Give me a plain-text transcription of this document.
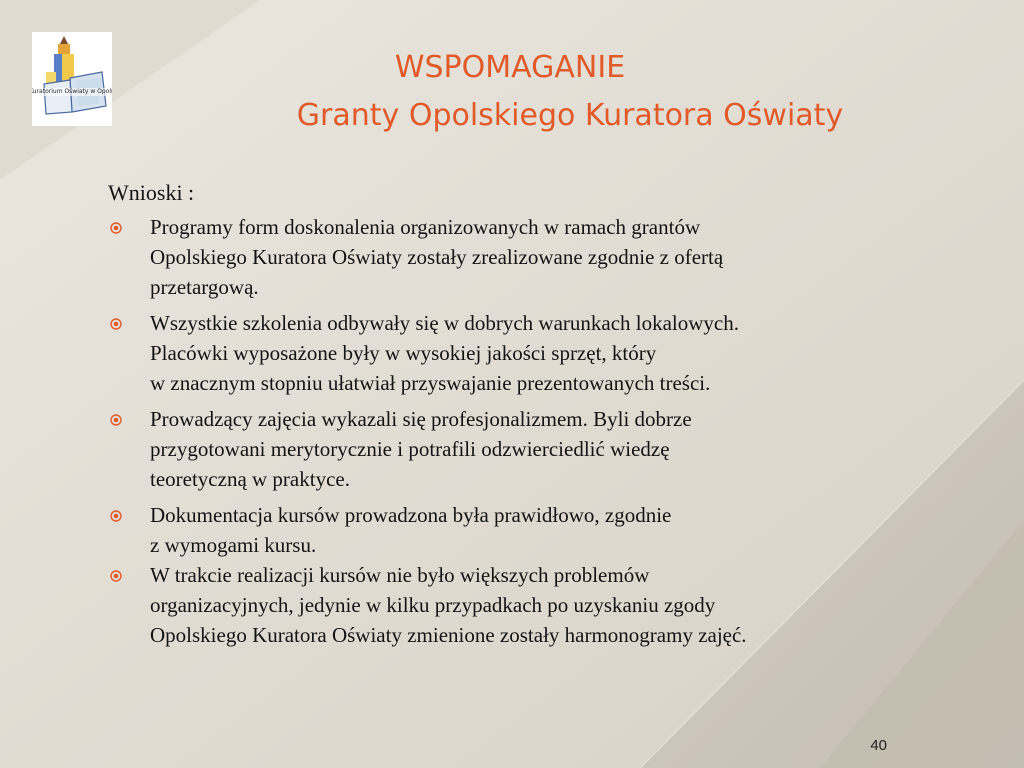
Kuratorium Oświaty w Opolu
WSPOMAGANIE
Granty Opolskiego Kuratora Oświaty
Wnioski :
Programy form doskonalenia organizowanych w ramach grantów
Opolskiego Kuratora Oświaty zostały zrealizowane zgodnie z ofertą
przetargową.
Wszystkie szkolenia odbywały się w dobrych warunkach lokalowych.
Placówki wyposażone były w wysokiej jakości sprzęt, który
w znacznym stopniu ułatwiał przyswajanie prezentowanych treści.
Prowadzący zajęcia wykazali się profesjonalizmem. Byli dobrze
przygotowani merytorycznie i potrafili odzwierciedlić wiedzę
teoretyczną w praktyce.
Dokumentacja kursów prowadzona była prawidłowo, zgodnie
z wymogami kursu.
W trakcie realizacji kursów nie było większych problemów
organizacyjnych, jedynie w kilku przypadkach po uzyskaniu zgody
Opolskiego Kuratora Oświaty zmienione zostały harmonogramy zajęć.
40
